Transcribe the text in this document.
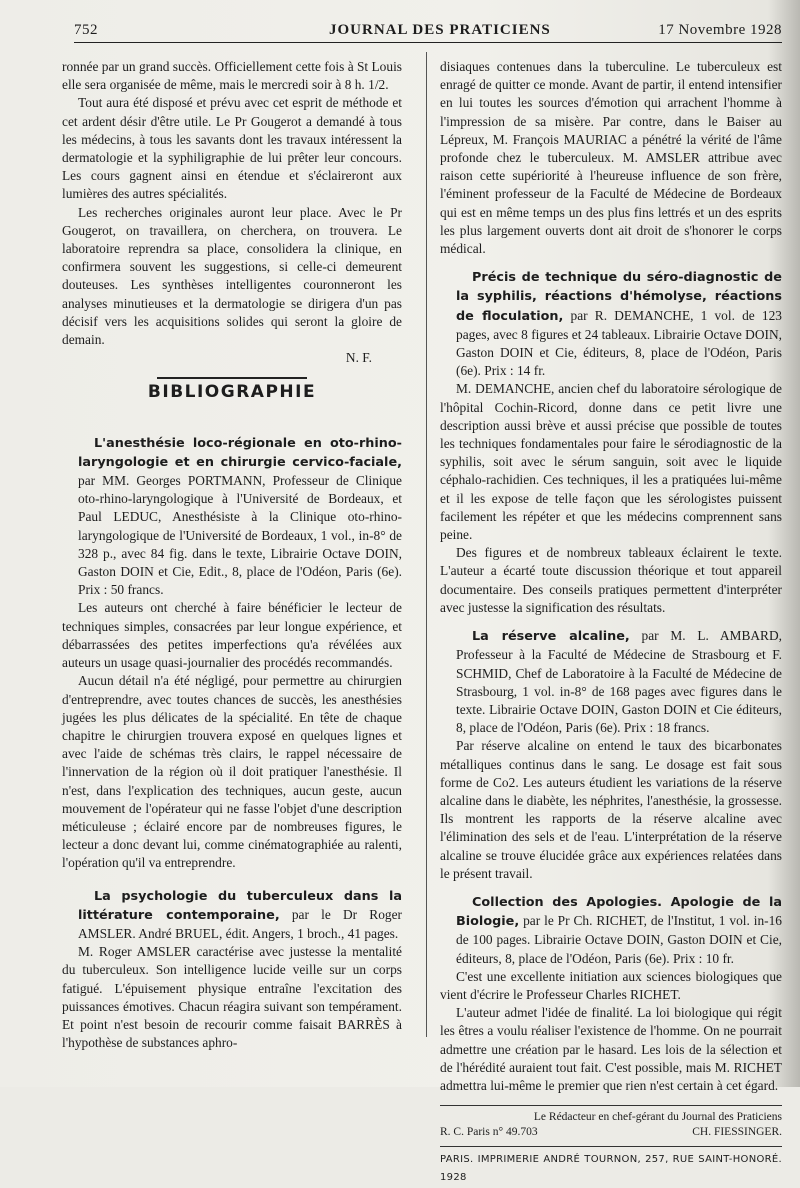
752	JOURNAL DES PRATICIENS	17 Novembre 1928

ronnée par un grand succès. Officiellement cette fois à St Louis elle sera organisée de même, mais le mercredi soir à 8 h. 1/2.

Tout aura été disposé et prévu avec cet esprit de méthode et cet ardent désir d'être utile. Le Pr Gougerot a demandé à tous les médecins, à tous les savants dont les travaux intéressent la dermatologie et la syphiligraphie de lui prêter leur concours. Les cours gagnent ainsi en étendue et s'éclaireront aux lumières des autres spécialités.

Les recherches originales auront leur place. Avec le Pr Gougerot, on travaillera, on cherchera, on trouvera. Le laboratoire reprendra sa place, consolidera la clinique, en confirmera souvent les suggestions, si celle-ci demeurent douteuses. Les synthèses intelligentes couronneront les analyses minutieuses et la dermatologie se dirigera d'un pas décisif vers les acquisitions solides qui seront la gloire de demain.

N. F.
BIBLIOGRAPHIE

L'anesthésie loco-régionale en oto-rhino-laryngologie et en chirurgie cervico-faciale, par MM. Georges PORTMANN, Professeur de Clinique oto-rhino-laryngologique à l'Université de Bordeaux, et Paul LEDUC, Anesthésiste à la Clinique oto-rhino-laryngologique de l'Université de Bordeaux, 1 vol., in-8° de 328 p., avec 84 fig. dans le texte, Librairie Octave DOIN, Gaston DOIN et Cie, Edit., 8, place de l'Odéon, Paris (6e). Prix : 50 francs.

Les auteurs ont cherché à faire bénéficier le lecteur de techniques simples, consacrées par leur longue expérience, et débarrassées des petites imperfections qu'a révélées aux auteurs un usage quasi-journalier des procédés recommandés.

Aucun détail n'a été négligé, pour permettre au chirurgien d'entreprendre, avec toutes chances de succès, les anesthésies jugées les plus délicates de la spécialité. En tête de chaque chapitre le chirurgien trouvera exposé en quelques lignes et avec l'aide de schémas très clairs, le rappel nécessaire de l'innervation de la région où il doit pratiquer l'anesthésie. Il n'est, dans l'explication des techniques, aucun geste, aucun mouvement de l'opérateur qui ne fasse l'objet d'une description méticuleuse ; éclairé encore par de nombreuses figures, le lecteur a donc devant lui, comme cinématographiée au ralenti, l'opération qu'il va entreprendre.

La psychologie du tuberculeux dans la littérature contemporaine, par le Dr Roger AMSLER. André BRUEL, édit. Angers, 1 broch., 41 pages.

M. Roger AMSLER caractérise avec justesse la mentalité du tuberculeux. Son intelligence lucide veille sur un corps fatigué. L'épuisement physique entraîne l'excitation des puissances émotives. Chacun réagira suivant son tempérament. Et point n'est besoin de recourir comme faisait BARRÈS à l'hypothèse de substances aphro-

disiaques contenues dans la tuberculine. Le tuberculeux est enragé de quitter ce monde. Avant de partir, il entend intensifier en lui toutes les sources d'émotion qui arrachent l'homme à l'impression de sa misère. Par contre, dans le Baiser au Lépreux, M. François MAURIAC a pénétré la vérité de l'âme profonde chez le tuberculeux. M. AMSLER attribue avec raison cette supériorité à l'heureuse influence de son frère, l'éminent professeur de la Faculté de Médecine de Bordeaux qui est en même temps un des plus fins lettrés et un des esprits les plus largement ouverts dont ait droit de s'honorer le corps médical.

Précis de technique du séro-diagnostic de la syphilis, réactions d'hémolyse, réactions de floculation, par R. DEMANCHE, 1 vol. de 123 pages, avec 8 figures et 24 tableaux. Librairie Octave DOIN, Gaston DOIN et Cie, éditeurs, 8, place de l'Odéon, Paris (6e). Prix : 14 fr.

M. DEMANCHE, ancien chef du laboratoire sérologique de l'hôpital Cochin-Ricord, donne dans ce petit livre une description aussi brève et aussi précise que possible de toutes les techniques fondamentales pour faire le sérodiagnostic de la syphilis, soit avec le sérum sanguin, soit avec le liquide céphalo-rachidien. Ces techniques, il les a pratiquées lui-même et il les expose de telle façon que les sérologistes puissent facilement les répéter et que les médecins comprennent sans peine.

Des figures et de nombreux tableaux éclairent le texte. L'auteur a écarté toute discussion théorique et tout appareil documentaire. Des conseils pratiques permettent d'interpréter avec justesse la signification des résultats.

La réserve alcaline, par M. L. AMBARD, Professeur à la Faculté de Médecine de Strasbourg et F. SCHMID, Chef de Laboratoire à la Faculté de Médecine de Strasbourg, 1 vol. in-8° de 168 pages avec figures dans le texte. Librairie Octave DOIN, Gaston DOIN et Cie éditeurs, 8, place de l'Odéon, Paris (6e). Prix : 18 francs.

Par réserve alcaline on entend le taux des bicarbonates métalliques continus dans le sang. Le dosage est fait sous forme de Co2. Les auteurs étudient les variations de la réserve alcaline dans le diabète, les néphrites, l'anesthésie, la grossesse. Ils montrent les rapports de la réserve alcaline avec l'élimination des sels et de l'eau. L'interprétation de la réserve alcaline se trouve élucidée grâce aux expériences relatées dans le présent travail.

Collection des Apologies. Apologie de la Biologie, par le Pr Ch. RICHET, de l'Institut, 1 vol. in-16 de 100 pages. Librairie Octave DOIN, Gaston DOIN et Cie, éditeurs, 8, place de l'Odéon, Paris (6e). Prix : 10 fr.

C'est une excellente initiation aux sciences biologiques que vient d'écrire le Professeur Charles RICHET.

L'auteur admet l'idée de finalité. La loi biologique qui régit les êtres a voulu réaliser l'existence de l'homme. On ne pourrait admettre une création par le hasard. Les lois de la sélection et de l'hérédité auraient tout fait. C'est possible, mais M. RICHET admettra lui-même le premier que rien n'est certain à cet égard.

Le Rédacteur en chef-gérant du Journal des Praticiens
R. C. Paris n° 49.703	CH. FIESSINGER.
PARIS. IMPRIMERIE ANDRÉ TOURNON, 257, RUE SAINT-HONORÉ. 1928
